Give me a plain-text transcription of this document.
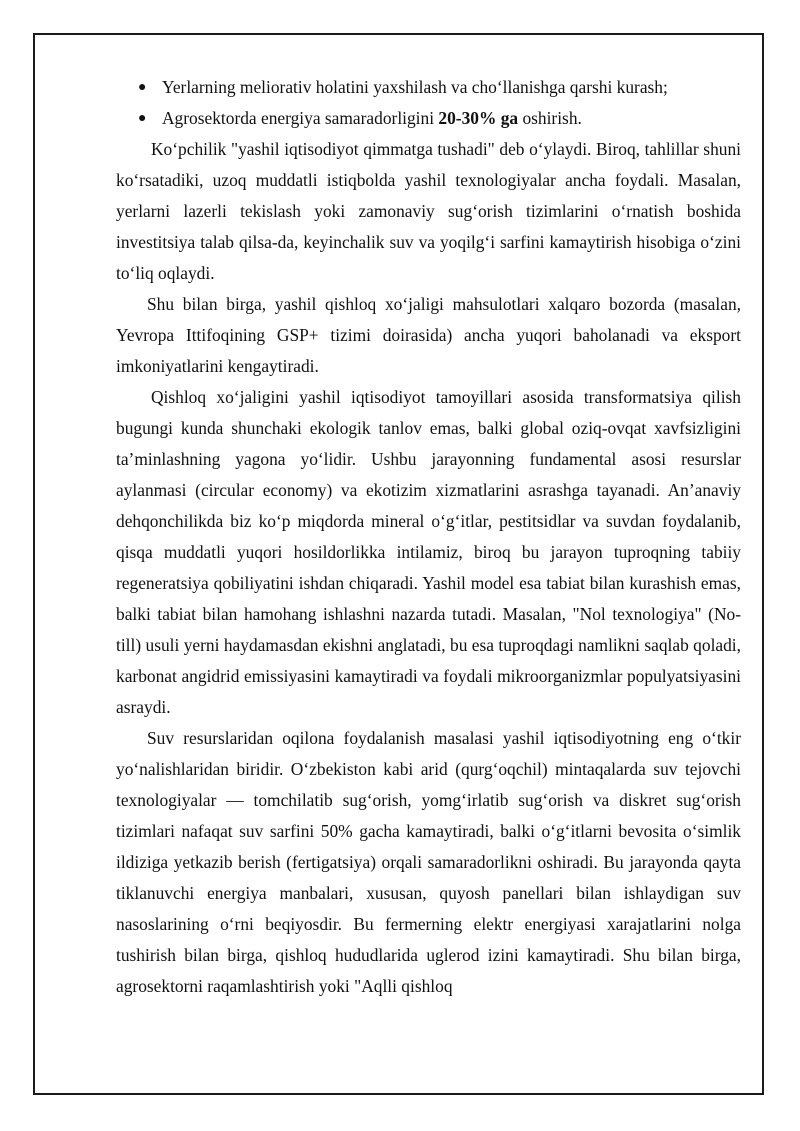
● Yerlarning meliorativ holatini yaxshilash va cho‘llanishga qarshi kurash;
● Agrosektorda energiya samaradorligini 20-30% ga oshirish.

Ko‘pchilik "yashil iqtisodiyot qimmatga tushadi" deb o‘ylaydi. Biroq, tahlillar shuni ko‘rsatadiki, uzoq muddatli istiqbolda yashil texnologiyalar ancha foydali. Masalan, yerlarni lazerli tekislash yoki zamonaviy sug‘orish tizimlarini o‘rnatish boshida investitsiya talab qilsa-da, keyinchalik suv va yoqilg‘i sarfini kamaytirish hisobiga o‘zini to‘liq oqlaydi.

Shu bilan birga, yashil qishloq xo‘jaligi mahsulotlari xalqaro bozorda (masalan, Yevropa Ittifoqining GSP+ tizimi doirasida) ancha yuqori baholanadi va eksport imkoniyatlarini kengaytiradi.

Qishloq xo‘jaligini yashil iqtisodiyot tamoyillari asosida transformatsiya qilish bugungi kunda shunchaki ekologik tanlov emas, balki global oziq-ovqat xavfsizligini ta’minlashning yagona yo‘lidir. Ushbu jarayonning fundamental asosi resurslar aylanmasi (circular economy) va ekotizim xizmatlarini asrashga tayanadi. An’anaviy dehqonchilikda biz ko‘p miqdorda mineral o‘g‘itlar, pestitsidlar va suvdan foydalanib, qisqa muddatli yuqori hosildorlikka intilamiz, biroq bu jarayon tuproqning tabiiy regeneratsiya qobiliyatini ishdan chiqaradi. Yashil model esa tabiat bilan kurashish emas, balki tabiat bilan hamohang ishlashni nazarda tutadi. Masalan, "Nol texnologiya" (No-till) usuli yerni haydamasdan ekishni anglatadi, bu esa tuproqdagi namlikni saqlab qoladi, karbonat angidrid emissiyasini kamaytiradi va foydali mikroorganizmlar populyatsiyasini asraydi.

Suv resurslaridan oqilona foydalanish masalasi yashil iqtisodiyotning eng o‘tkir yo‘nalishlaridan biridir. O‘zbekiston kabi arid (qurg‘oqchil) mintaqalarda suv tejovchi texnologiyalar — tomchilatib sug‘orish, yomg‘irlatib sug‘orish va diskret sug‘orish tizimlari nafaqat suv sarfini 50% gacha kamaytiradi, balki o‘g‘itlarni bevosita o‘simlik ildiziga yetkazib berish (fertigatsiya) orqali samaradorlikni oshiradi. Bu jarayonda qayta tiklanuvchi energiya manbalari, xususan, quyosh panellari bilan ishlaydigan suv nasoslarining o‘rni beqiyosdir. Bu fermerning elektr energiyasi xarajatlarini nolga tushirish bilan birga, qishloq hududlarida uglerod izini kamaytiradi. Shu bilan birga, agrosektorni raqamlashtirish yoki "Aqlli qishloq
